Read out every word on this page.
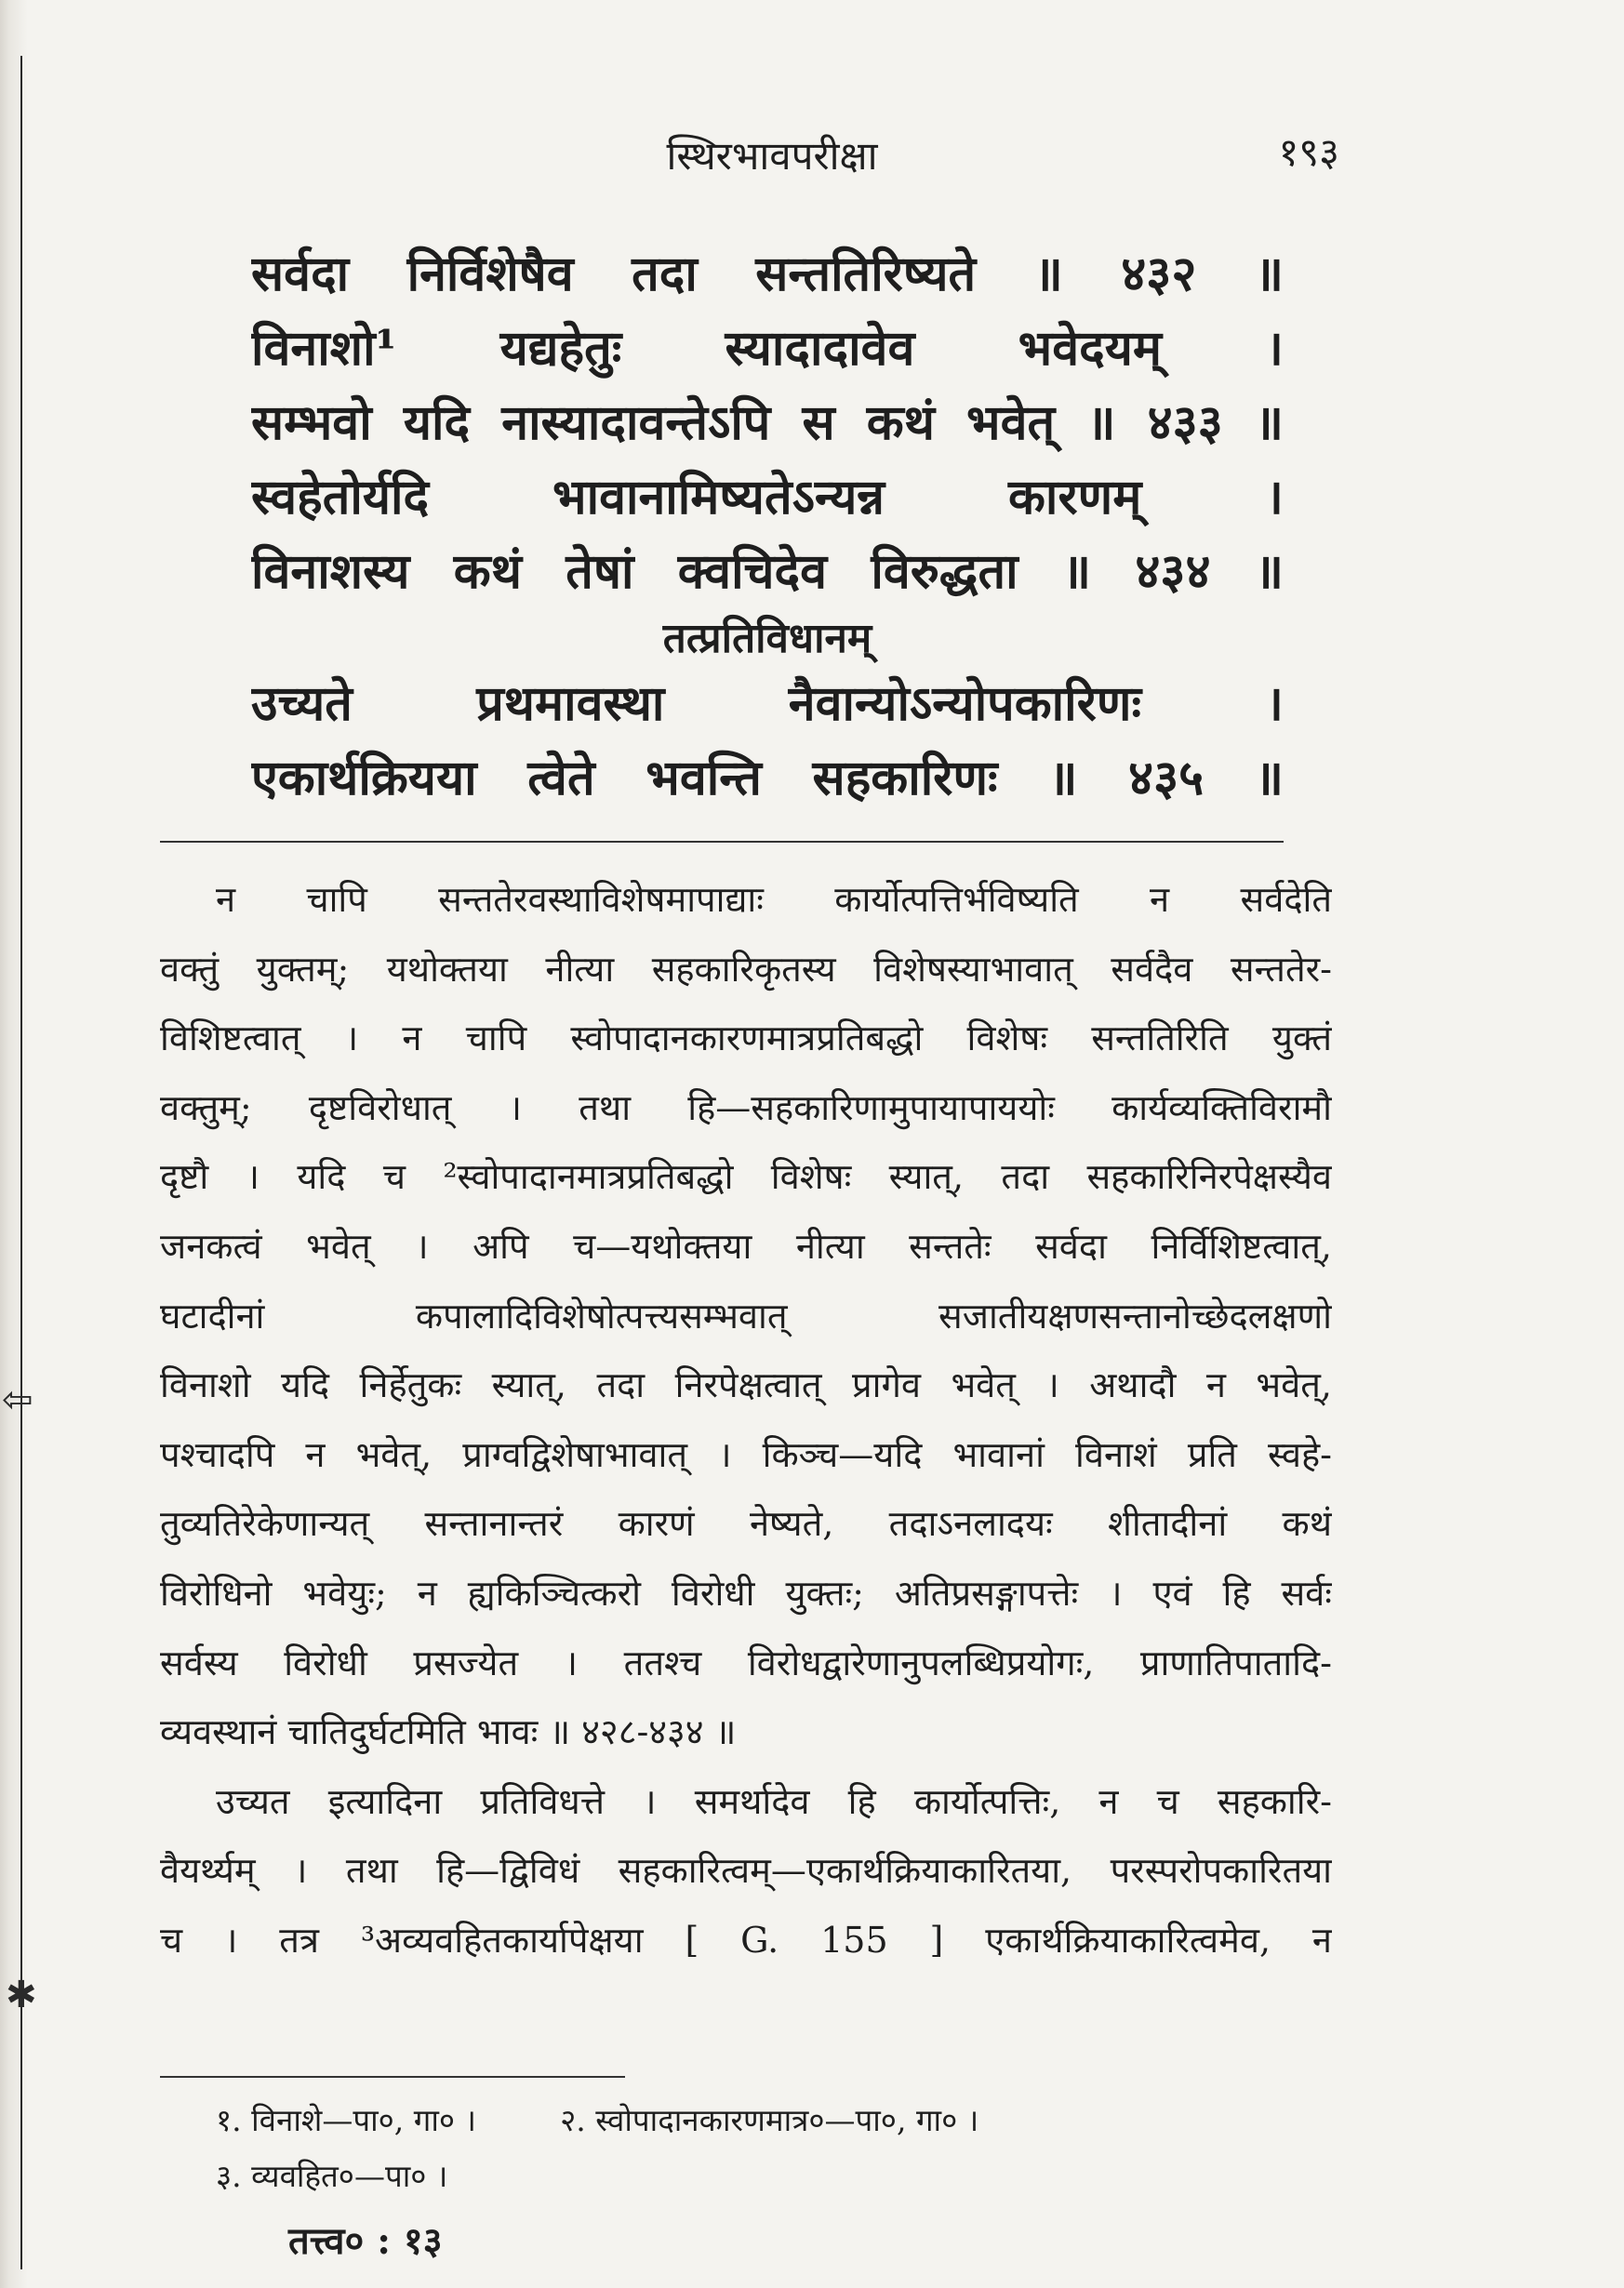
⇦
✱
स्थिरभावपरीक्षा	१९३
सर्वदा निर्विशेषैव तदा सन्ततिरिष्यते ॥ ४३२ ॥
विनाशो¹ यद्यहेतुः स्यादादावेव भवेदयम् ।
सम्भवो यदि नास्यादावन्तेऽपि स कथं भवेत् ॥ ४३३ ॥
स्वहेतोर्यदि भावानामिष्यतेऽन्यन्न कारणम् ।
विनाशस्य कथं तेषां क्वचिदेव विरुद्धता ॥ ४३४ ॥
तत्प्रतिविधानम्
उच्यते प्रथमावस्था नैवान्योऽन्योपकारिणः ।
एकार्थक्रियया त्वेते भवन्ति सहकारिणः ॥ ४३५ ॥
न चापि सन्ततेरवस्थाविशेषमापाद्याः कार्योत्पत्तिर्भविष्यति न सर्वदेति
वक्तुं युक्तम्; यथोक्तया नीत्या सहकारिकृतस्य विशेषस्याभावात् सर्वदैव सन्ततेर-
विशिष्टत्वात् । न चापि स्वोपादानकारणमात्रप्रतिबद्धो विशेषः सन्ततिरिति युक्तं
वक्तुम्; दृष्टविरोधात् । तथा हि—सहकारिणामुपायापाययोः कार्यव्यक्तिविरामौ
दृष्टौ । यदि च ²स्वोपादानमात्रप्रतिबद्धो विशेषः स्यात्, तदा सहकारिनिरपेक्षस्यैव
जनकत्वं भवेत् । अपि च—यथोक्तया नीत्या सन्ततेः सर्वदा निर्विशिष्टत्वात्,
घटादीनां कपालादिविशेषोत्पत्त्यसम्भवात् सजातीयक्षणसन्तानोच्छेदलक्षणो
विनाशो यदि निर्हेतुकः स्यात्, तदा निरपेक्षत्वात् प्रागेव भवेत् । अथादौ न भवेत्,
पश्चादपि न भवेत्, प्राग्वद्विशेषाभावात् । किञ्च—यदि भावानां विनाशं प्रति स्वहे-
तुव्यतिरेकेणान्यत् सन्तानान्तरं कारणं नेष्यते, तदाऽनलादयः शीतादीनां कथं
विरोधिनो भवेयुः; न ह्यकिञ्चित्करो विरोधी युक्तः; अतिप्रसङ्गापत्तेः । एवं हि सर्वः
सर्वस्य विरोधी प्रसज्येत । ततश्च विरोधद्वारेणानुपलब्धिप्रयोगः, प्राणातिपातादि-
व्यवस्थानं चातिदुर्घटमिति भावः ॥ ४२८-४३४ ॥
उच्यत इत्यादिना प्रतिविधत्ते । समर्थादेव हि कार्योत्पत्तिः, न च सहकारि-
वैयर्थ्यम् । तथा हि—द्विविधं सहकारित्वम्—एकार्थक्रियाकारितया, परस्परोपकारितया
च । तत्र ³अव्यवहितकार्यापेक्षया [ G. 155 ] एकार्थक्रियाकारित्वमेव, न
१. विनाशे—पा०, गा० ।	२. स्वोपादानकारणमात्र०—पा०, गा० ।
३. व्यवहित०—पा० ।
तत्त्व० : १३
